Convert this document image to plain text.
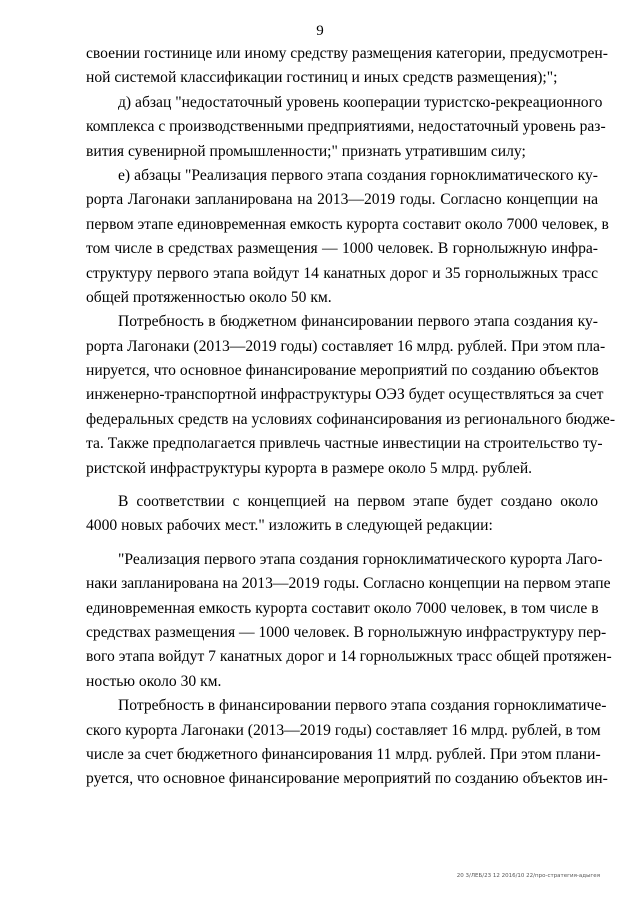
9
своении гостинице или иному средству размещения категории, предусмотрен-
ной системой классификации гостиниц и иных средств размещения);";
д) абзац "недостаточный уровень кооперации туристско-рекреационного
комплекса с производственными предприятиями, недостаточный уровень раз-
вития сувенирной промышленности;" признать утратившим силу;
е) абзацы "Реализация первого этапа создания горноклиматического ку-
рорта Лагонаки запланирована на 2013—2019 годы. Согласно концепции на
первом этапе единовременная емкость курорта составит около 7000 человек, в
том числе в средствах размещения — 1000 человек. В горнолыжную инфра-
структуру первого этапа войдут 14 канатных дорог и 35 горнолыжных трасс
общей протяженностью около 50 км.
Потребность в бюджетном финансировании первого этапа создания ку-
рорта Лагонаки (2013—2019 годы) составляет 16 млрд. рублей. При этом пла-
нируется, что основное финансирование мероприятий по созданию объектов
инженерно-транспортной инфраструктуры ОЭЗ будет осуществляться за счет
федеральных средств на условиях софинансирования из регионального бюдже-
та. Также предполагается привлечь частные инвестиции на строительство ту-
ристской инфраструктуры курорта в размере около 5 млрд. рублей.
В соответствии с концепцией на первом этапе будет создано около
4000 новых рабочих мест." изложить в следующей редакции:
"Реализация первого этапа создания горноклиматического курорта Лаго-
наки запланирована на 2013—2019 годы. Согласно концепции на первом этапе
единовременная емкость курорта составит около 7000 человек, в том числе в
средствах размещения — 1000 человек. В горнолыжную инфраструктуру пер-
вого этапа войдут 7 канатных дорог и 14 горнолыжных трасс общей протяжен-
ностью около 30 км.
Потребность в финансировании первого этапа создания горноклиматиче-
ского курорта Лагонаки (2013—2019 годы) составляет 16 млрд. рублей, в том
числе за счет бюджетного финансирования 11 млрд. рублей. При этом плани-
руется, что основное финансирование мероприятий по созданию объектов ин-
20 3/ЛЕБ/23 12 2016/10 22/про-стратегия-адыгея
